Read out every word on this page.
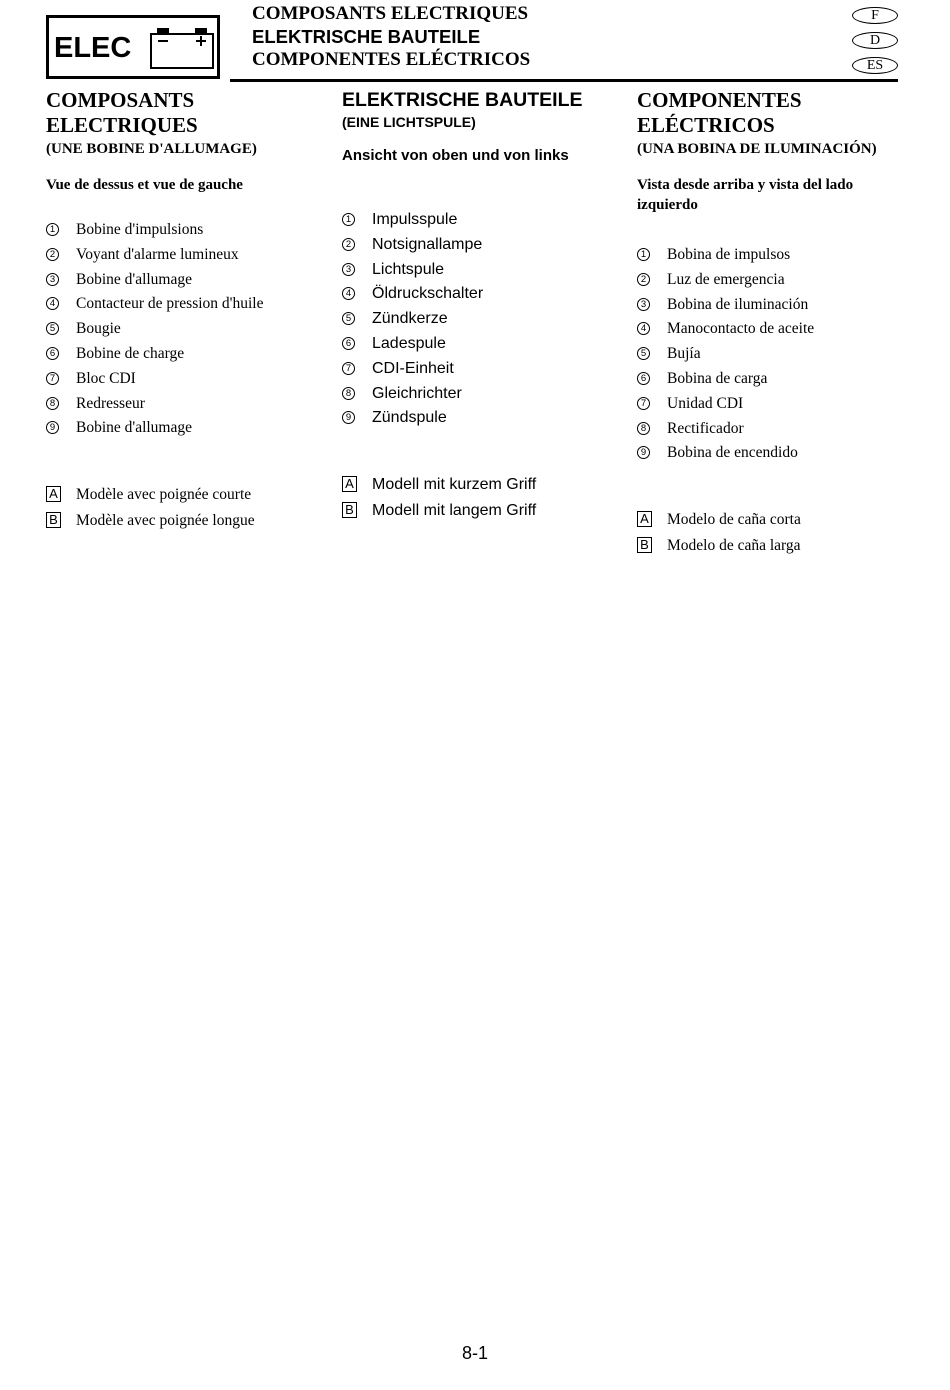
ELEC
COMPOSANTS ELECTRIQUES
ELEKTRISCHE BAUTEILE
COMPONENTES ELÉCTRICOS
F
D
ES
COMPOSANTS
ELECTRIQUES
(UNE BOBINE D'ALLUMAGE)
Vue de dessus et vue de gauche
1 Bobine d'impulsions
2 Voyant d'alarme lumineux
3 Bobine d'allumage
4 Contacteur de pression d'huile
5 Bougie
6 Bobine de charge
7 Bloc CDI
8 Redresseur
9 Bobine d'allumage
A Modèle avec poignée courte
B Modèle avec poignée longue
ELEKTRISCHE BAUTEILE
(EINE LICHTSPULE)
Ansicht von oben und von links
1 Impulsspule
2 Notsignallampe
3 Lichtspule
4 Öldruckschalter
5 Zündkerze
6 Ladespule
7 CDI-Einheit
8 Gleichrichter
9 Zündspule
A Modell mit kurzem Griff
B Modell mit langem Griff
COMPONENTES
ELÉCTRICOS
(UNA BOBINA DE ILUMINACIÓN)
Vista desde arriba y vista del lado
izquierdo
1 Bobina de impulsos
2 Luz de emergencia
3 Bobina de iluminación
4 Manocontacto de aceite
5 Bujía
6 Bobina de carga
7 Unidad CDI
8 Rectificador
9 Bobina de encendido
A Modelo de caña corta
B Modelo de caña larga
8-1
